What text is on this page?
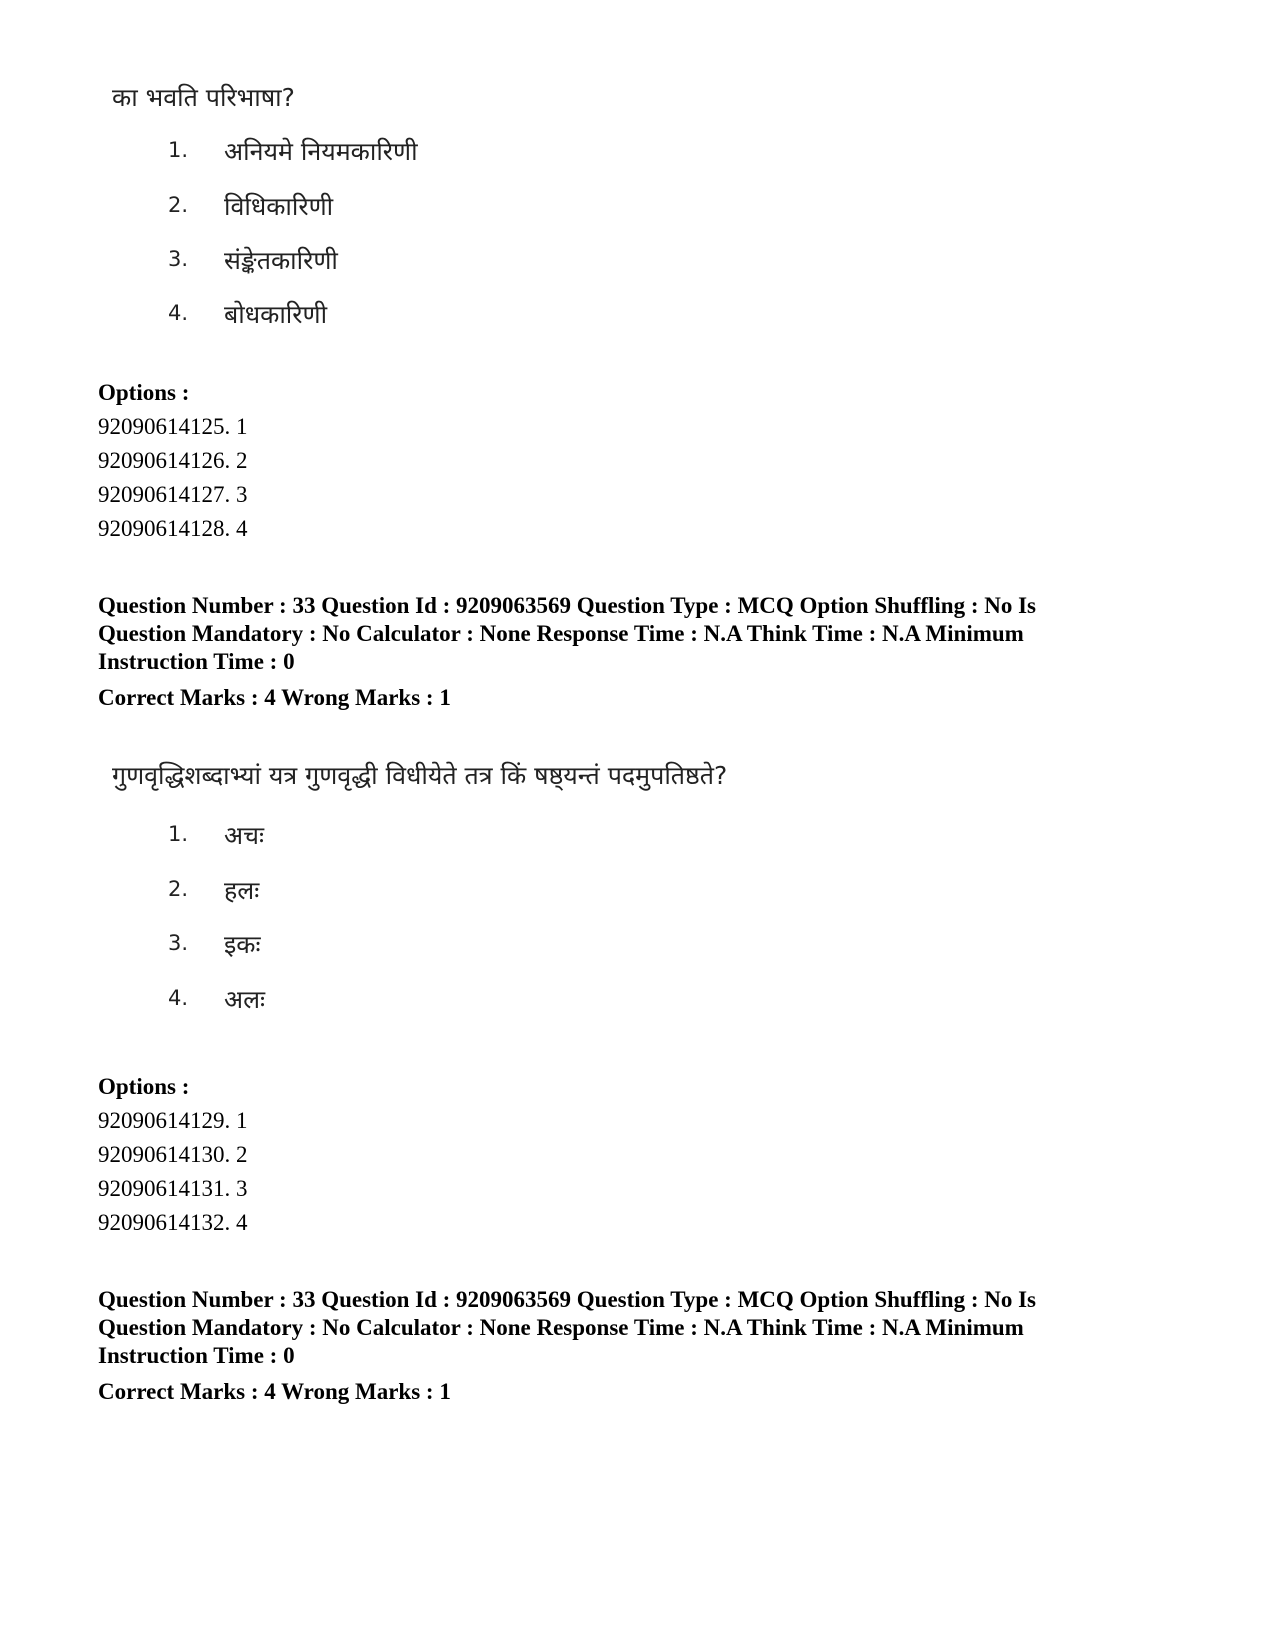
का भवति परिभाषा?
1. अनियमे नियमकारिणी
2. विधिकारिणी
3. संङ्केतकारिणी
4. बोधकारिणी
Options :
92090614125. 1
92090614126. 2
92090614127. 3
92090614128. 4
Question Number : 33 Question Id : 9209063569 Question Type : MCQ Option Shuffling : No Is
Question Mandatory : No Calculator : None Response Time : N.A Think Time : N.A Minimum
Instruction Time : 0
Correct Marks : 4 Wrong Marks : 1
गुणवृद्धिशब्दाभ्यां यत्र गुणवृद्धी विधीयेते तत्र किं षष्ठ्यन्तं पदमुपतिष्ठते?
1. अचः
2. हलः
3. इकः
4. अलः
Options :
92090614129. 1
92090614130. 2
92090614131. 3
92090614132. 4
Question Number : 33 Question Id : 9209063569 Question Type : MCQ Option Shuffling : No Is
Question Mandatory : No Calculator : None Response Time : N.A Think Time : N.A Minimum
Instruction Time : 0
Correct Marks : 4 Wrong Marks : 1
